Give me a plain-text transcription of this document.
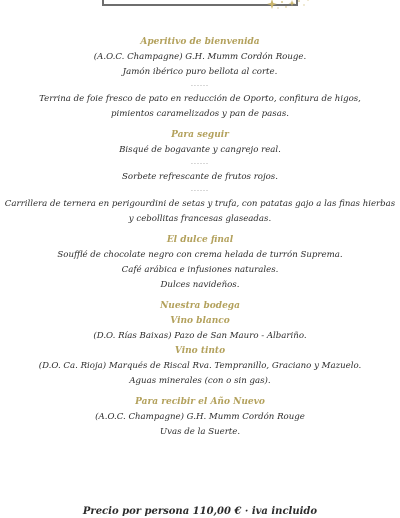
Aperitivo de bienvenida
(A.O.C. Champagne) G.H. Mumm Cordón Rouge.
Jamón ibérico puro bellota al corte.
------
Terrina de foie fresco de pato en reducción de Oporto, confitura de higos,
pimientos caramelizados y pan de pasas.
Para seguir
Bisqué de bogavante y cangrejo real.
------
Sorbete refrescante de frutos rojos.
------
Carrillera de ternera en perigourdini de setas y trufa, con patatas gajo a las finas hierbas
y cebollitas francesas glaseadas.
El dulce final
Soufflé de chocolate negro con crema helada de turrón Suprema.
Café arábica e infusiones naturales.
Dulces navideños.
Nuestra bodega
Vino blanco
(D.O. Rías Baixas) Pazo de San Mauro - Albariño.
Vino tinto
(D.O. Ca. Rioja) Marqués de Riscal Rva. Tempranillo, Graciano y Mazuelo.
Aguas minerales (con o sin gas).
Para recibir el Año Nuevo
(A.O.C. Champagne) G.H. Mumm Cordón Rouge
Uvas de la Suerte.
Precio por persona 110,00 € · iva incluido
